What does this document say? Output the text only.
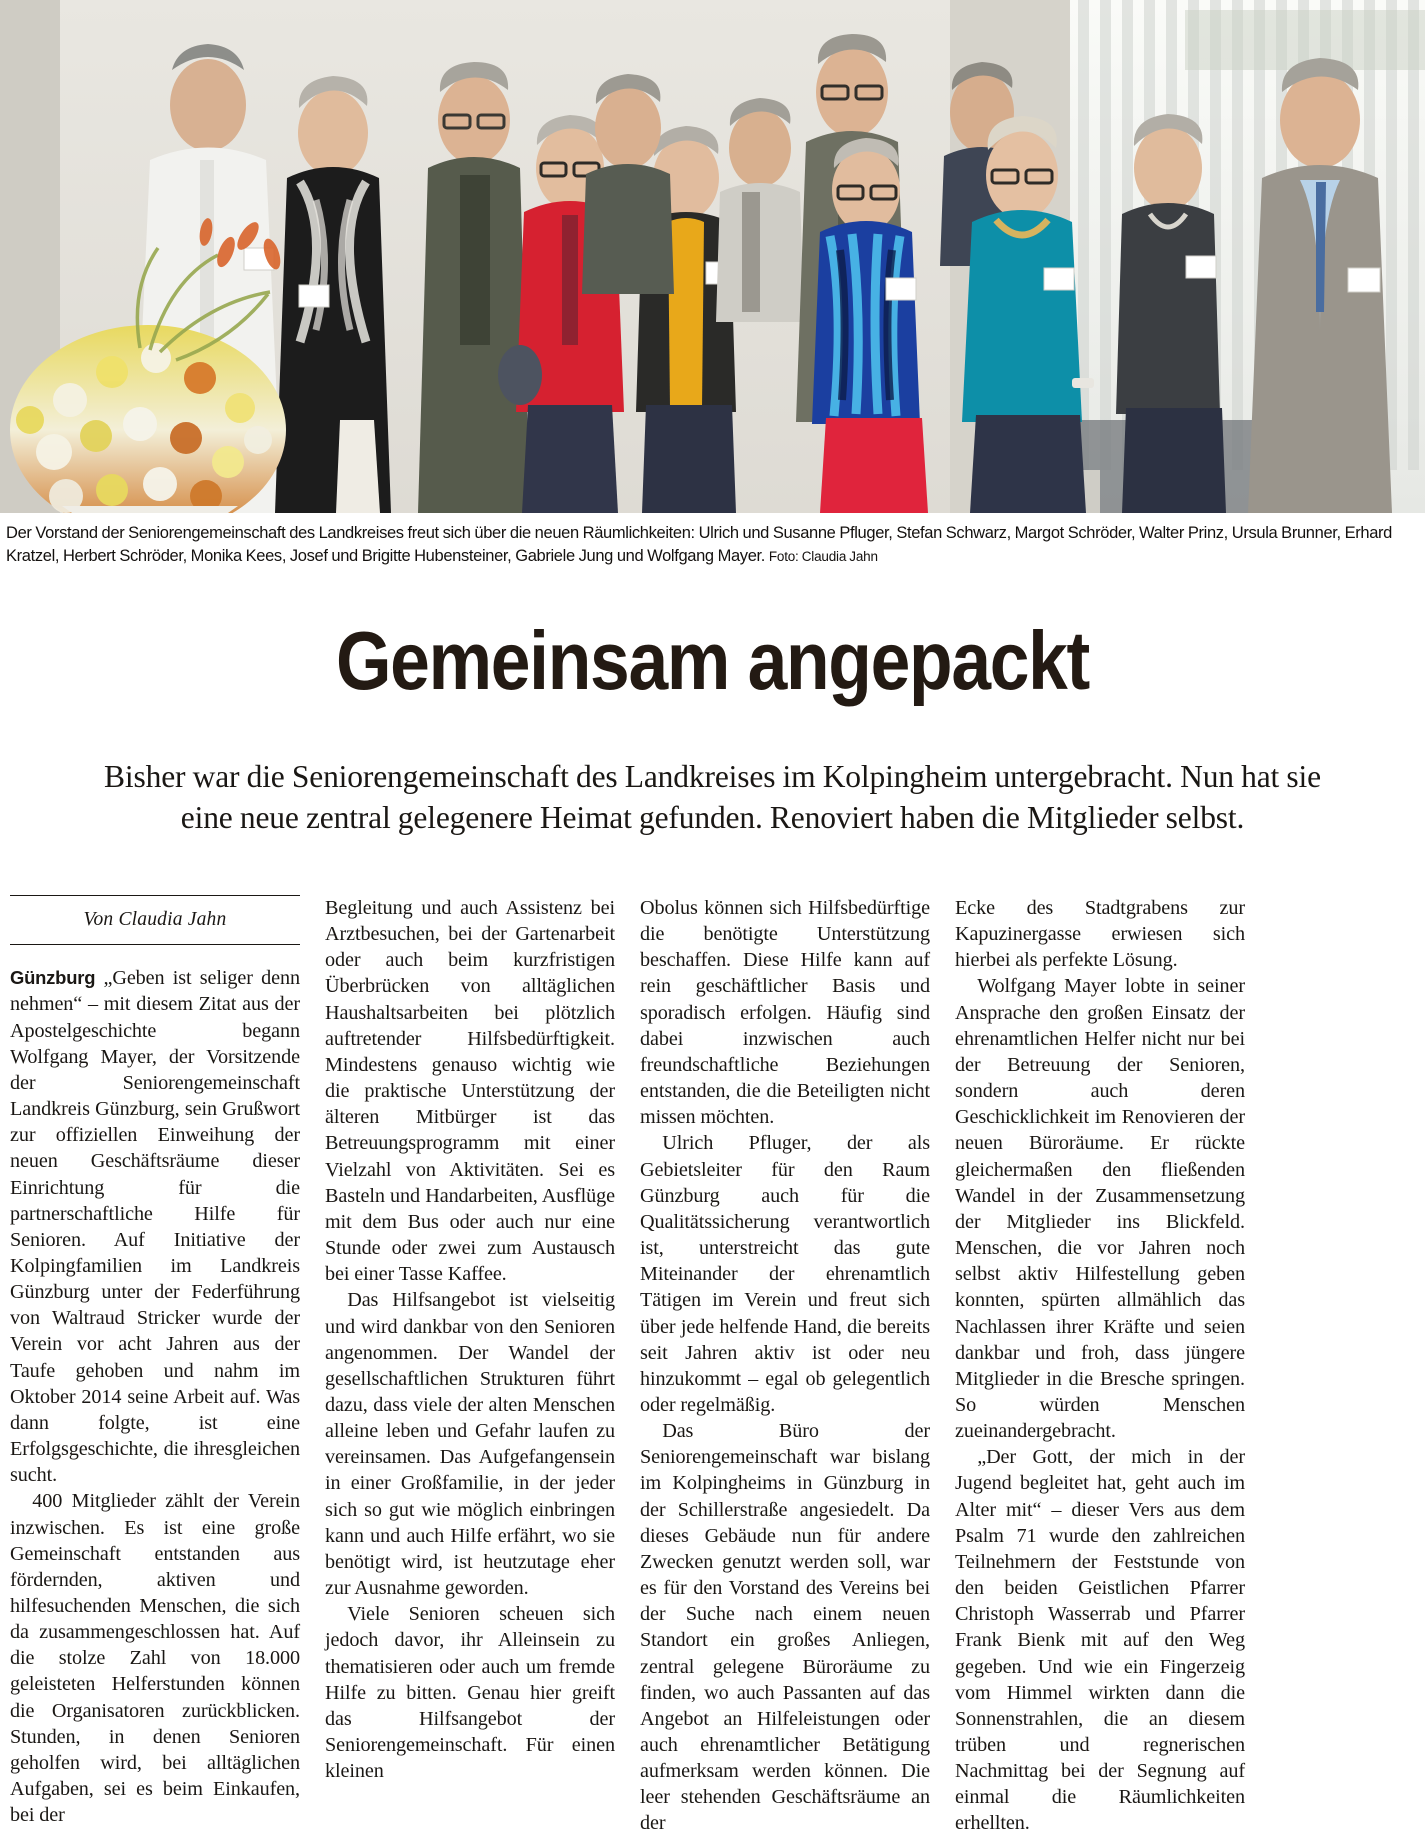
Der Vorstand der Seniorengemeinschaft des Landkreises freut sich über die neuen Räumlichkeiten: Ulrich und Susanne Pfluger, Stefan Schwarz, Margot Schröder, Walter Prinz, Ursula Brunner, Erhard Kratzel, Herbert Schröder, Monika Kees, Josef und Brigitte Hubensteiner, Gabriele Jung und Wolfgang Mayer. Foto: Claudia Jahn
Gemeinsam angepackt

Bisher war die Seniorengemeinschaft des Landkreises im Kolpingheim untergebracht. Nun hat sie eine neue zentral gelegenere Heimat gefunden. Renoviert haben die Mitglieder selbst.

Von Claudia Jahn

Günzburg „Geben ist seliger denn nehmen“ – mit diesem Zitat aus der Apostelgeschichte begann Wolfgang Mayer, der Vorsitzende der Seniorengemeinschaft Landkreis Günzburg, sein Grußwort zur offiziellen Einweihung der neuen Geschäftsräume dieser Einrichtung für die partnerschaftliche Hilfe für Senioren. Auf Initiative der Kolpingfamilien im Landkreis Günzburg unter der Federführung von Waltraud Stricker wurde der Verein vor acht Jahren aus der Taufe gehoben und nahm im Oktober 2014 seine Arbeit auf. Was dann folgte, ist eine Erfolgsgeschichte, die ihresgleichen sucht.

400 Mitglieder zählt der Verein inzwischen. Es ist eine große Gemeinschaft entstanden aus fördernden, aktiven und hilfesuchenden Menschen, die sich da zusammengeschlossen hat. Auf die stolze Zahl von 18.000 geleisteten Helferstunden können die Organisatoren zurückblicken. Stunden, in denen Senioren geholfen wird, bei alltäglichen Aufgaben, sei es beim Einkaufen, bei der

Begleitung und auch Assistenz bei Arztbesuchen, bei der Gartenarbeit oder auch beim kurzfristigen Überbrücken von alltäglichen Haushaltsarbeiten bei plötzlich auftretender Hilfsbedürftigkeit. Mindestens genauso wichtig wie die praktische Unterstützung der älteren Mitbürger ist das Betreuungsprogramm mit einer Vielzahl von Aktivitäten. Sei es Basteln und Handarbeiten, Ausflüge mit dem Bus oder auch nur eine Stunde oder zwei zum Austausch bei einer Tasse Kaffee.

Das Hilfsangebot ist vielseitig und wird dankbar von den Senioren angenommen. Der Wandel der gesellschaftlichen Strukturen führt dazu, dass viele der alten Menschen alleine leben und Gefahr laufen zu vereinsamen. Das Aufgefangensein in einer Großfamilie, in der jeder sich so gut wie möglich einbringen kann und auch Hilfe erfährt, wo sie benötigt wird, ist heutzutage eher zur Ausnahme geworden.

Viele Senioren scheuen sich jedoch davor, ihr Alleinsein zu thematisieren oder auch um fremde Hilfe zu bitten. Genau hier greift das Hilfsangebot der Seniorengemeinschaft. Für einen kleinen

Obolus können sich Hilfsbedürftige die benötigte Unterstützung beschaffen. Diese Hilfe kann auf rein geschäftlicher Basis und sporadisch erfolgen. Häufig sind dabei inzwischen auch freundschaftliche Beziehungen entstanden, die die Beteiligten nicht missen möchten.

Ulrich Pfluger, der als Gebietsleiter für den Raum Günzburg auch für die Qualitätssicherung verantwortlich ist, unterstreicht das gute Miteinander der ehrenamtlich Tätigen im Verein und freut sich über jede helfende Hand, die bereits seit Jahren aktiv ist oder neu hinzukommt – egal ob gelegentlich oder regelmäßig.

Das Büro der Seniorengemeinschaft war bislang im Kolpingheims in Günzburg in der Schillerstraße angesiedelt. Da dieses Gebäude nun für andere Zwecken genutzt werden soll, war es für den Vorstand des Vereins bei der Suche nach einem neuen Standort ein großes Anliegen, zentral gelegene Büroräume zu finden, wo auch Passanten auf das Angebot an Hilfeleistungen oder auch ehrenamtlicher Betätigung aufmerksam werden können. Die leer stehenden Geschäftsräume an der

Ecke des Stadtgrabens zur Kapuzinergasse erwiesen sich hierbei als perfekte Lösung.

Wolfgang Mayer lobte in seiner Ansprache den großen Einsatz der ehrenamtlichen Helfer nicht nur bei der Betreuung der Senioren, sondern auch deren Geschicklichkeit im Renovieren der neuen Büroräume. Er rückte gleichermaßen den fließenden Wandel in der Zusammensetzung der Mitglieder ins Blickfeld. Menschen, die vor Jahren noch selbst aktiv Hilfestellung geben konnten, spürten allmählich das Nachlassen ihrer Kräfte und seien dankbar und froh, dass jüngere Mitglieder in die Bresche springen. So würden Menschen zueinandergebracht.

„Der Gott, der mich in der Jugend begleitet hat, geht auch im Alter mit“ – dieser Vers aus dem Psalm 71 wurde den zahlreichen Teilnehmern der Feststunde von den beiden Geistlichen Pfarrer Christoph Wasserrab und Pfarrer Frank Bienk mit auf den Weg gegeben. Und wie ein Fingerzeig vom Himmel wirkten dann die Sonnenstrahlen, die an diesem trüben und regnerischen Nachmittag bei der Segnung auf einmal die Räumlichkeiten erhellten.
